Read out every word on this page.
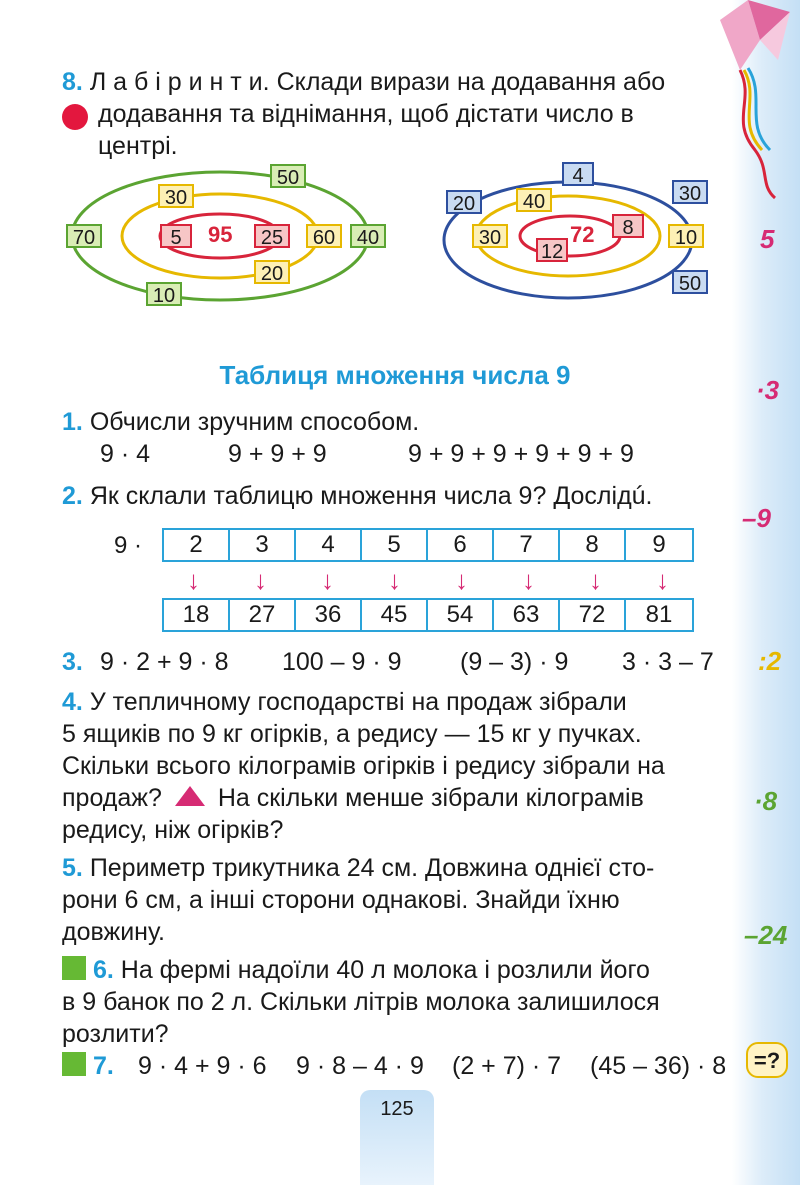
5
·3
–9
:2
·8
–24
=?
8. Л а б і р и н т и. Склади вирази на додавання або
додавання та віднімання, щоб дістати число в
центрі.
50
30
70	5	95	25	60	40
20
10
4
20	40	30
30	72	8
12
10
50
Таблиця множення числа 9
1. Обчисли зручним способом.
9 · 4	9 + 9 + 9	9 + 9 + 9 + 9 + 9 + 9
2. Як склали таблицю множення числа 9? Дослідú.
9 ·	2	3	4	5	6	7	8	9
↓ ↓ ↓ ↓ ↓ ↓ ↓ ↓
18	27	36	45	54	63	72	81
3. 9 · 2 + 9 · 8 100 – 9 · 9 (9 – 3) · 9 3 · 3 – 7
4. У тепличному господарстві на продаж зібрали
5 ящиків по 9 кг огірків, а редису — 15 кг у пучках.
Скільки всього кілограмів огірків і редису зібрали на
продаж? На скільки менше зібрали кілограмів
редису, ніж огірків?
5. Периметр трикутника 24 см. Довжина однієї сто-
рони 6 см, а інші сторони однакові. Знайди їхню
довжину.
6. На фермі надоїли 40 л молока і розлили його
в 9 банок по 2 л. Скільки літрів молока залишилося
розлити?
7. 9 · 4 + 9 · 6 9 · 8 – 4 · 9 (2 + 7) · 7 (45 – 36) · 8
125
